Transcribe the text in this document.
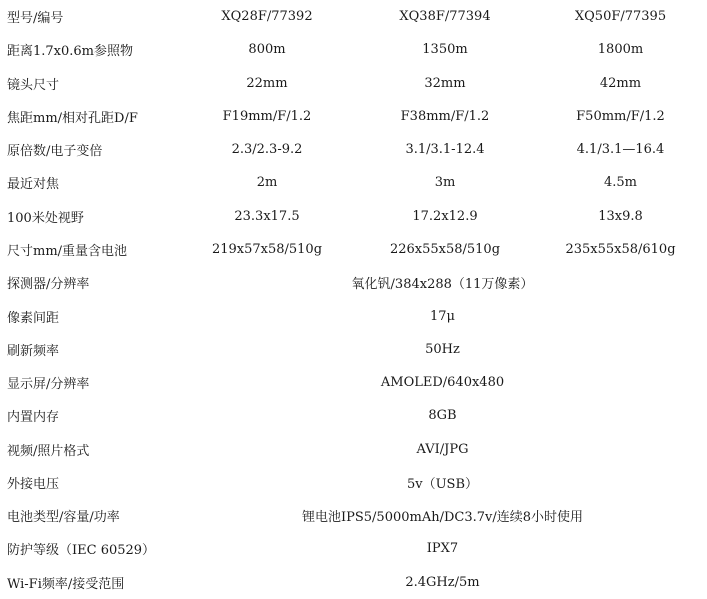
型号/编号	XQ28F/77392	XQ38F/77394	XQ50F/77395
距离1.7x0.6m参照物	800m	1350m	1800m
镜头尺寸	22mm	32mm	42mm
焦距mm/相对孔距D/F	F19mm/F/1.2	F38mm/F/1.2	F50mm/F/1.2
原倍数/电子变倍	2.3/2.3-9.2	3.1/3.1-12.4	4.1/3.1—16.4
最近对焦	2m	3m	4.5m
100米处视野	23.3x17.5	17.2x12.9	13x9.8
尺寸mm/重量含电池	219x57x58/510g	226x55x58/510g	235x55x58/610g
探测器/分辨率	氧化钒/384x288（11万像素）		
像素间距	17μ		
刷新频率	50Hz		
显示屏/分辨率	AMOLED/640x480		
内置内存	8GB		
视频/照片格式	AVI/JPG		
外接电压	5v（USB）		
电池类型/容量/功率	锂电池IPS5/5000mAh/DC3.7v/连续8小时使用		
防护等级（IEC 60529）	IPX7		
Wi-Fi频率/接受范围	2.4GHz/5m		
